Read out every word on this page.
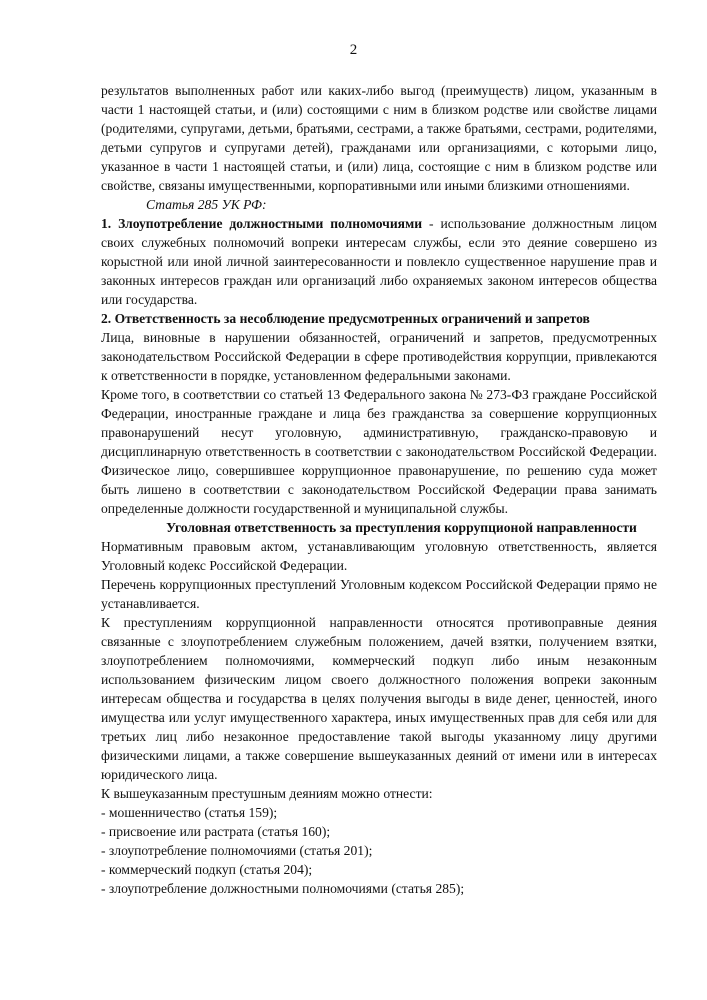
2

результатов выполненных работ или каких-либо выгод (преимуществ) лицом, указанным в части 1 настоящей статьи, и (или) состоящими с ним в близком родстве или свойстве лицами (родителями, супругами, детьми, братьями, сестрами, а также братьями, сестрами, родителями, детьми супругов и супругами детей), гражданами или организациями, с которыми лицо, указанное в части 1 настоящей статьи, и (или) лица, состоящие с ним в близком родстве или свойстве, связаны имущественными, корпоративными или иными близкими отношениями.

Статья 285 УК РФ:

1. Злоупотребление должностными полномочиями - использование должностным лицом своих служебных полномочий вопреки интересам службы, если это деяние совершено из корыстной или иной личной заинтересованности и повлекло существенное нарушение прав и законных интересов граждан или организаций либо охраняемых законом интересов общества или государства.

2. Ответственность за несоблюдение предусмотренных ограничений и запретов

Лица, виновные в нарушении обязанностей, ограничений и запретов, предусмотренных законодательством Российской Федерации в сфере противодействия коррупции, привлекаются к ответственности в порядке, установленном федеральными законами.

Кроме того, в соответствии со статьей 13 Федерального закона № 273-ФЗ граждане Российской Федерации, иностранные граждане и лица без гражданства за совершение коррупционных правонарушений несут уголовную, административную, гражданско-правовую и дисциплинарную ответственность в соответствии с законодательством Российской Федерации. Физическое лицо, совершившее коррупционное правонарушение, по решению суда может быть лишено в соответствии с законодательством Российской Федерации права занимать определенные должности государственной и муниципальной службы.

Уголовная ответственность за преступления коррупционой направленности

Нормативным правовым актом, устанавливающим уголовную ответственность, является Уголовный кодекс Российской Федерации.

Перечень коррупционных преступлений Уголовным кодексом Российской Федерации прямо не устанавливается.

К преступлениям коррупционной направленности относятся противоправные деяния связанные с злоупотреблением служебным положением, дачей взятки, получением взятки, злоупотреблением полномочиями, коммерческий подкуп либо иным незаконным использованием физическим лицом своего должностного положения вопреки законным интересам общества и государства в целях получения выгоды в виде денег, ценностей, иного имущества или услуг имущественного характера, иных имущественных прав для себя или для третьих лиц либо незаконное предоставление такой выгоды указанному лицу другими физическими лицами, а также совершение вышеуказанных деяний от имени или в интересах юридического лица.

К вышеуказанным престушным деяниям можно отнести:

- мошенничество (статья 159);

- присвоение или растрата (статья 160);

- злоупотребление полномочиями (статья 201);

- коммерческий подкуп (статья 204);

- злоупотребление должностными полномочиями (статья 285);
